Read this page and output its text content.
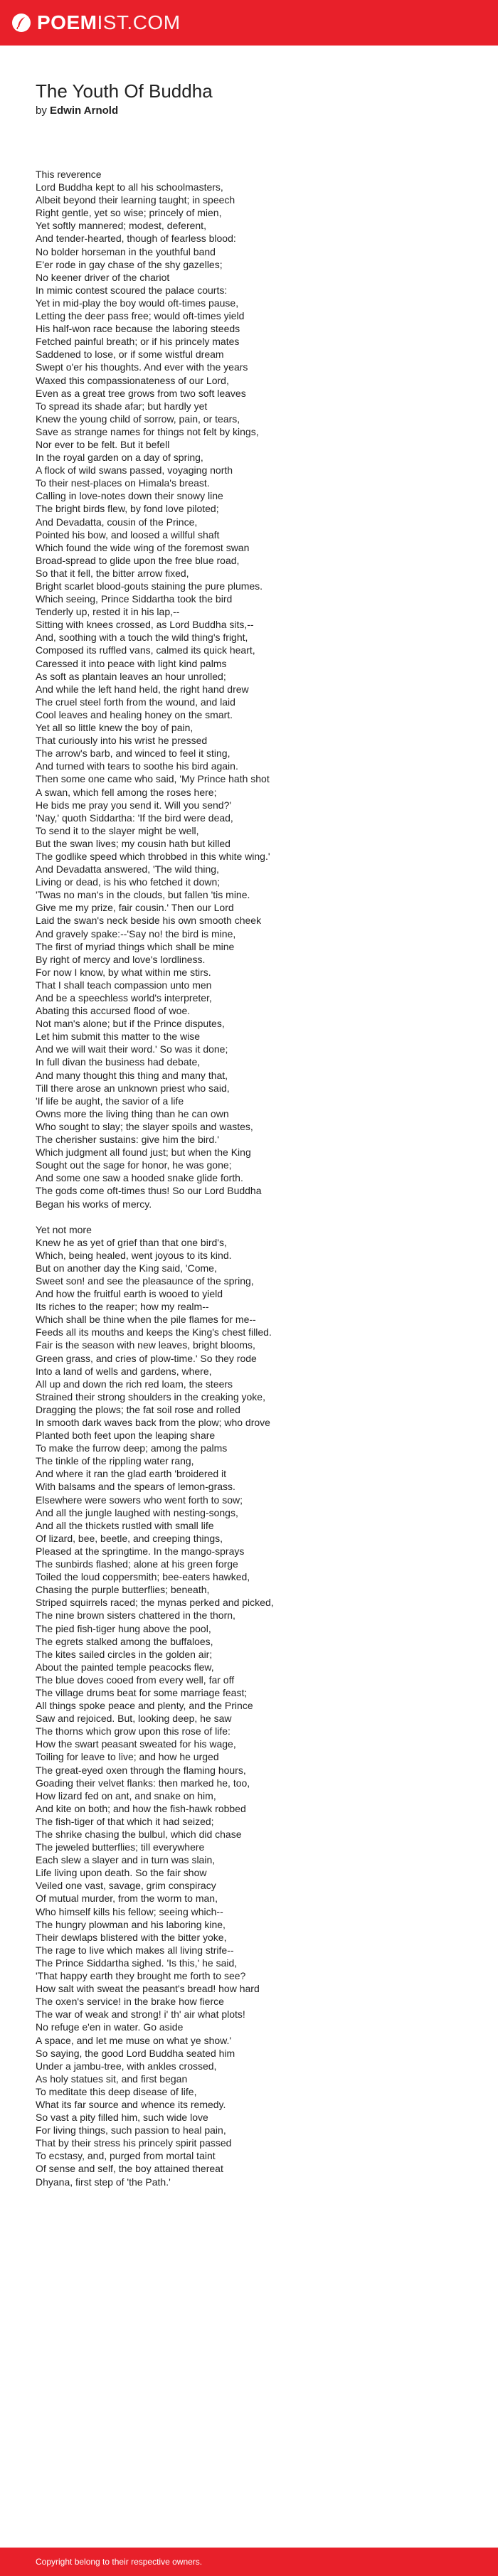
POEM IST.COM
The Youth Of Buddha
by Edwin Arnold

This reverence
Lord Buddha kept to all his schoolmasters,
Albeit beyond their learning taught; in speech
Right gentle, yet so wise; princely of mien,
Yet softly mannered; modest, deferent,
And tender-hearted, though of fearless blood:
No bolder horseman in the youthful band
E'er rode in gay chase of the shy gazelles;
No keener driver of the chariot
In mimic contest scoured the palace courts:
Yet in mid-play the boy would oft-times pause,
Letting the deer pass free; would oft-times yield
His half-won race because the laboring steeds
Fetched painful breath; or if his princely mates
Saddened to lose, or if some wistful dream
Swept o'er his thoughts. And ever with the years
Waxed this compassionateness of our Lord,
Even as a great tree grows from two soft leaves
To spread its shade afar; but hardly yet
Knew the young child of sorrow, pain, or tears,
Save as strange names for things not felt by kings,
Nor ever to be felt. But it befell
In the royal garden on a day of spring,
A flock of wild swans passed, voyaging north
To their nest-places on Himala's breast.
Calling in love-notes down their snowy line
The bright birds flew, by fond love piloted;
And Devadatta, cousin of the Prince,
Pointed his bow, and loosed a willful shaft
Which found the wide wing of the foremost swan
Broad-spread to glide upon the free blue road,
So that it fell, the bitter arrow fixed,
Bright scarlet blood-gouts staining the pure plumes.
Which seeing, Prince Siddartha took the bird
Tenderly up, rested it in his lap,--
Sitting with knees crossed, as Lord Buddha sits,--
And, soothing with a touch the wild thing's fright,
Composed its ruffled vans, calmed its quick heart,
Caressed it into peace with light kind palms
As soft as plantain leaves an hour unrolled;
And while the left hand held, the right hand drew
The cruel steel forth from the wound, and laid
Cool leaves and healing honey on the smart.
Yet all so little knew the boy of pain,
That curiously into his wrist he pressed
The arrow's barb, and winced to feel it sting,
And turned with tears to soothe his bird again.
Then some one came who said, 'My Prince hath shot
A swan, which fell among the roses here;
He bids me pray you send it. Will you send?'
'Nay,' quoth Siddartha: 'If the bird were dead,
To send it to the slayer might be well,
But the swan lives; my cousin hath but killed
The godlike speed which throbbed in this white wing.'
And Devadatta answered, 'The wild thing,
Living or dead, is his who fetched it down;
'Twas no man's in the clouds, but fallen 'tis mine.
Give me my prize, fair cousin.' Then our Lord
Laid the swan's neck beside his own smooth cheek
And gravely spake:--'Say no! the bird is mine,
The first of myriad things which shall be mine
By right of mercy and love's lordliness.
For now I know, by what within me stirs.
That I shall teach compassion unto men
And be a speechless world's interpreter,
Abating this accursed flood of woe.
Not man's alone; but if the Prince disputes,
Let him submit this matter to the wise
And we will wait their word.' So was it done;
In full divan the business had debate,
And many thought this thing and many that,
Till there arose an unknown priest who said,
'If life be aught, the savior of a life
Owns more the living thing than he can own
Who sought to slay; the slayer spoils and wastes,
The cherisher sustains: give him the bird.'
Which judgment all found just; but when the King
Sought out the sage for honor, he was gone;
And some one saw a hooded snake glide forth.
The gods come oft-times thus! So our Lord Buddha
Began his works of mercy.

Yet not more
Knew he as yet of grief than that one bird's,
Which, being healed, went joyous to its kind.
But on another day the King said, 'Come,
Sweet son! and see the pleasaunce of the spring,
And how the fruitful earth is wooed to yield
Its riches to the reaper; how my realm--
Which shall be thine when the pile flames for me--
Feeds all its mouths and keeps the King's chest filled.
Fair is the season with new leaves, bright blooms,
Green grass, and cries of plow-time.' So they rode
Into a land of wells and gardens, where,
All up and down the rich red loam, the steers
Strained their strong shoulders in the creaking yoke,
Dragging the plows; the fat soil rose and rolled
In smooth dark waves back from the plow; who drove
Planted both feet upon the leaping share
To make the furrow deep; among the palms
The tinkle of the rippling water rang,
And where it ran the glad earth 'broidered it
With balsams and the spears of lemon-grass.
Elsewhere were sowers who went forth to sow;
And all the jungle laughed with nesting-songs,
And all the thickets rustled with small life
Of lizard, bee, beetle, and creeping things,
Pleased at the springtime. In the mango-sprays
The sunbirds flashed; alone at his green forge
Toiled the loud coppersmith; bee-eaters hawked,
Chasing the purple butterflies; beneath,
Striped squirrels raced; the mynas perked and picked,
The nine brown sisters chattered in the thorn,
The pied fish-tiger hung above the pool,
The egrets stalked among the buffaloes,
The kites sailed circles in the golden air;
About the painted temple peacocks flew,
The blue doves cooed from every well, far off
The village drums beat for some marriage feast;
All things spoke peace and plenty, and the Prince
Saw and rejoiced. But, looking deep, he saw
The thorns which grow upon this rose of life:
How the swart peasant sweated for his wage,
Toiling for leave to live; and how he urged
The great-eyed oxen through the flaming hours,
Goading their velvet flanks: then marked he, too,
How lizard fed on ant, and snake on him,
And kite on both; and how the fish-hawk robbed
The fish-tiger of that which it had seized;
The shrike chasing the bulbul, which did chase
The jeweled butterflies; till everywhere
Each slew a slayer and in turn was slain,
Life living upon death. So the fair show
Veiled one vast, savage, grim conspiracy
Of mutual murder, from the worm to man,
Who himself kills his fellow; seeing which--
The hungry plowman and his laboring kine,
Their dewlaps blistered with the bitter yoke,
The rage to live which makes all living strife--
The Prince Siddartha sighed. 'Is this,' he said,
'That happy earth they brought me forth to see?
How salt with sweat the peasant's bread! how hard
The oxen's service! in the brake how fierce
The war of weak and strong! i' th' air what plots!
No refuge e'en in water. Go aside
A space, and let me muse on what ye show.'
So saying, the good Lord Buddha seated him
Under a jambu-tree, with ankles crossed,
As holy statues sit, and first began
To meditate this deep disease of life,
What its far source and whence its remedy.
So vast a pity filled him, such wide love
For living things, such passion to heal pain,
That by their stress his princely spirit passed
To ecstasy, and, purged from mortal taint
Of sense and self, the boy attained thereat
Dhyana, first step of 'the Path.'

Copyright belong to their respective owners.
